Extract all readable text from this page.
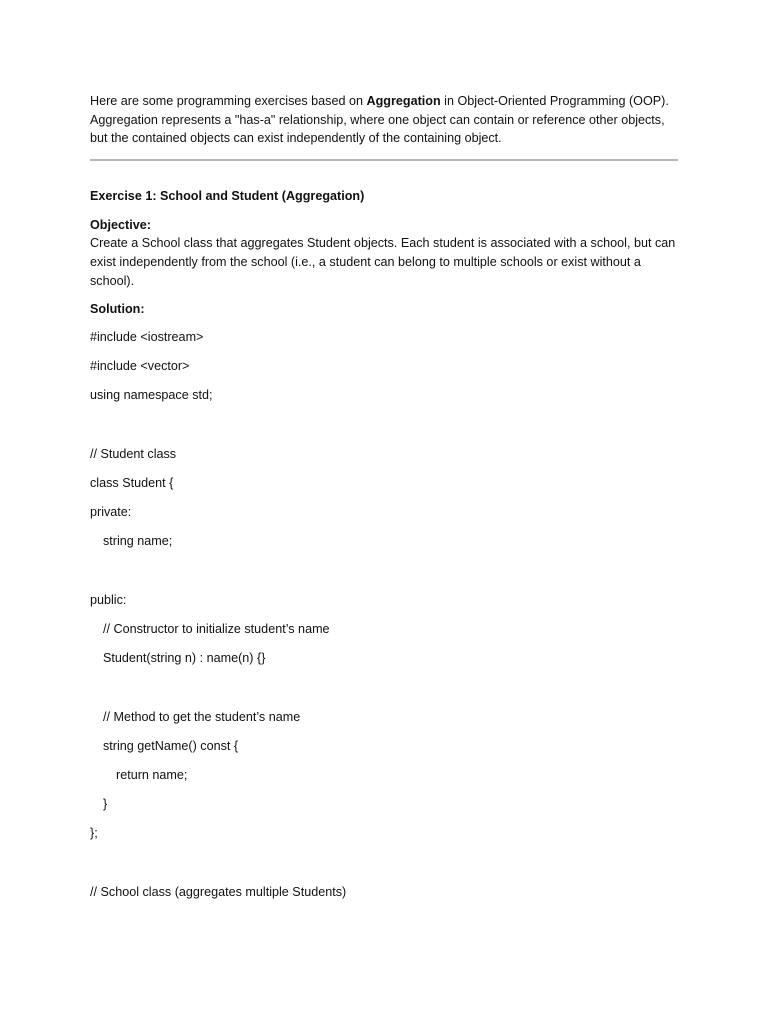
Here are some programming exercises based on Aggregation in Object-Oriented Programming (OOP).
Aggregation represents a "has-a" relationship, where one object can contain or reference other objects,
but the contained objects can exist independently of the containing object.
Exercise 1: School and Student (Aggregation)
Objective:
Create a School class that aggregates Student objects. Each student is associated with a school, but can
exist independently from the school (i.e., a student can belong to multiple schools or exist without a
school).
Solution:
#include <iostream>
#include <vector>
using namespace std;
// Student class
class Student {
private:
string name;
public:
// Constructor to initialize student’s name
Student(string n) : name(n) {}
// Method to get the student’s name
string getName() const {
return name;
}
};
// School class (aggregates multiple Students)
